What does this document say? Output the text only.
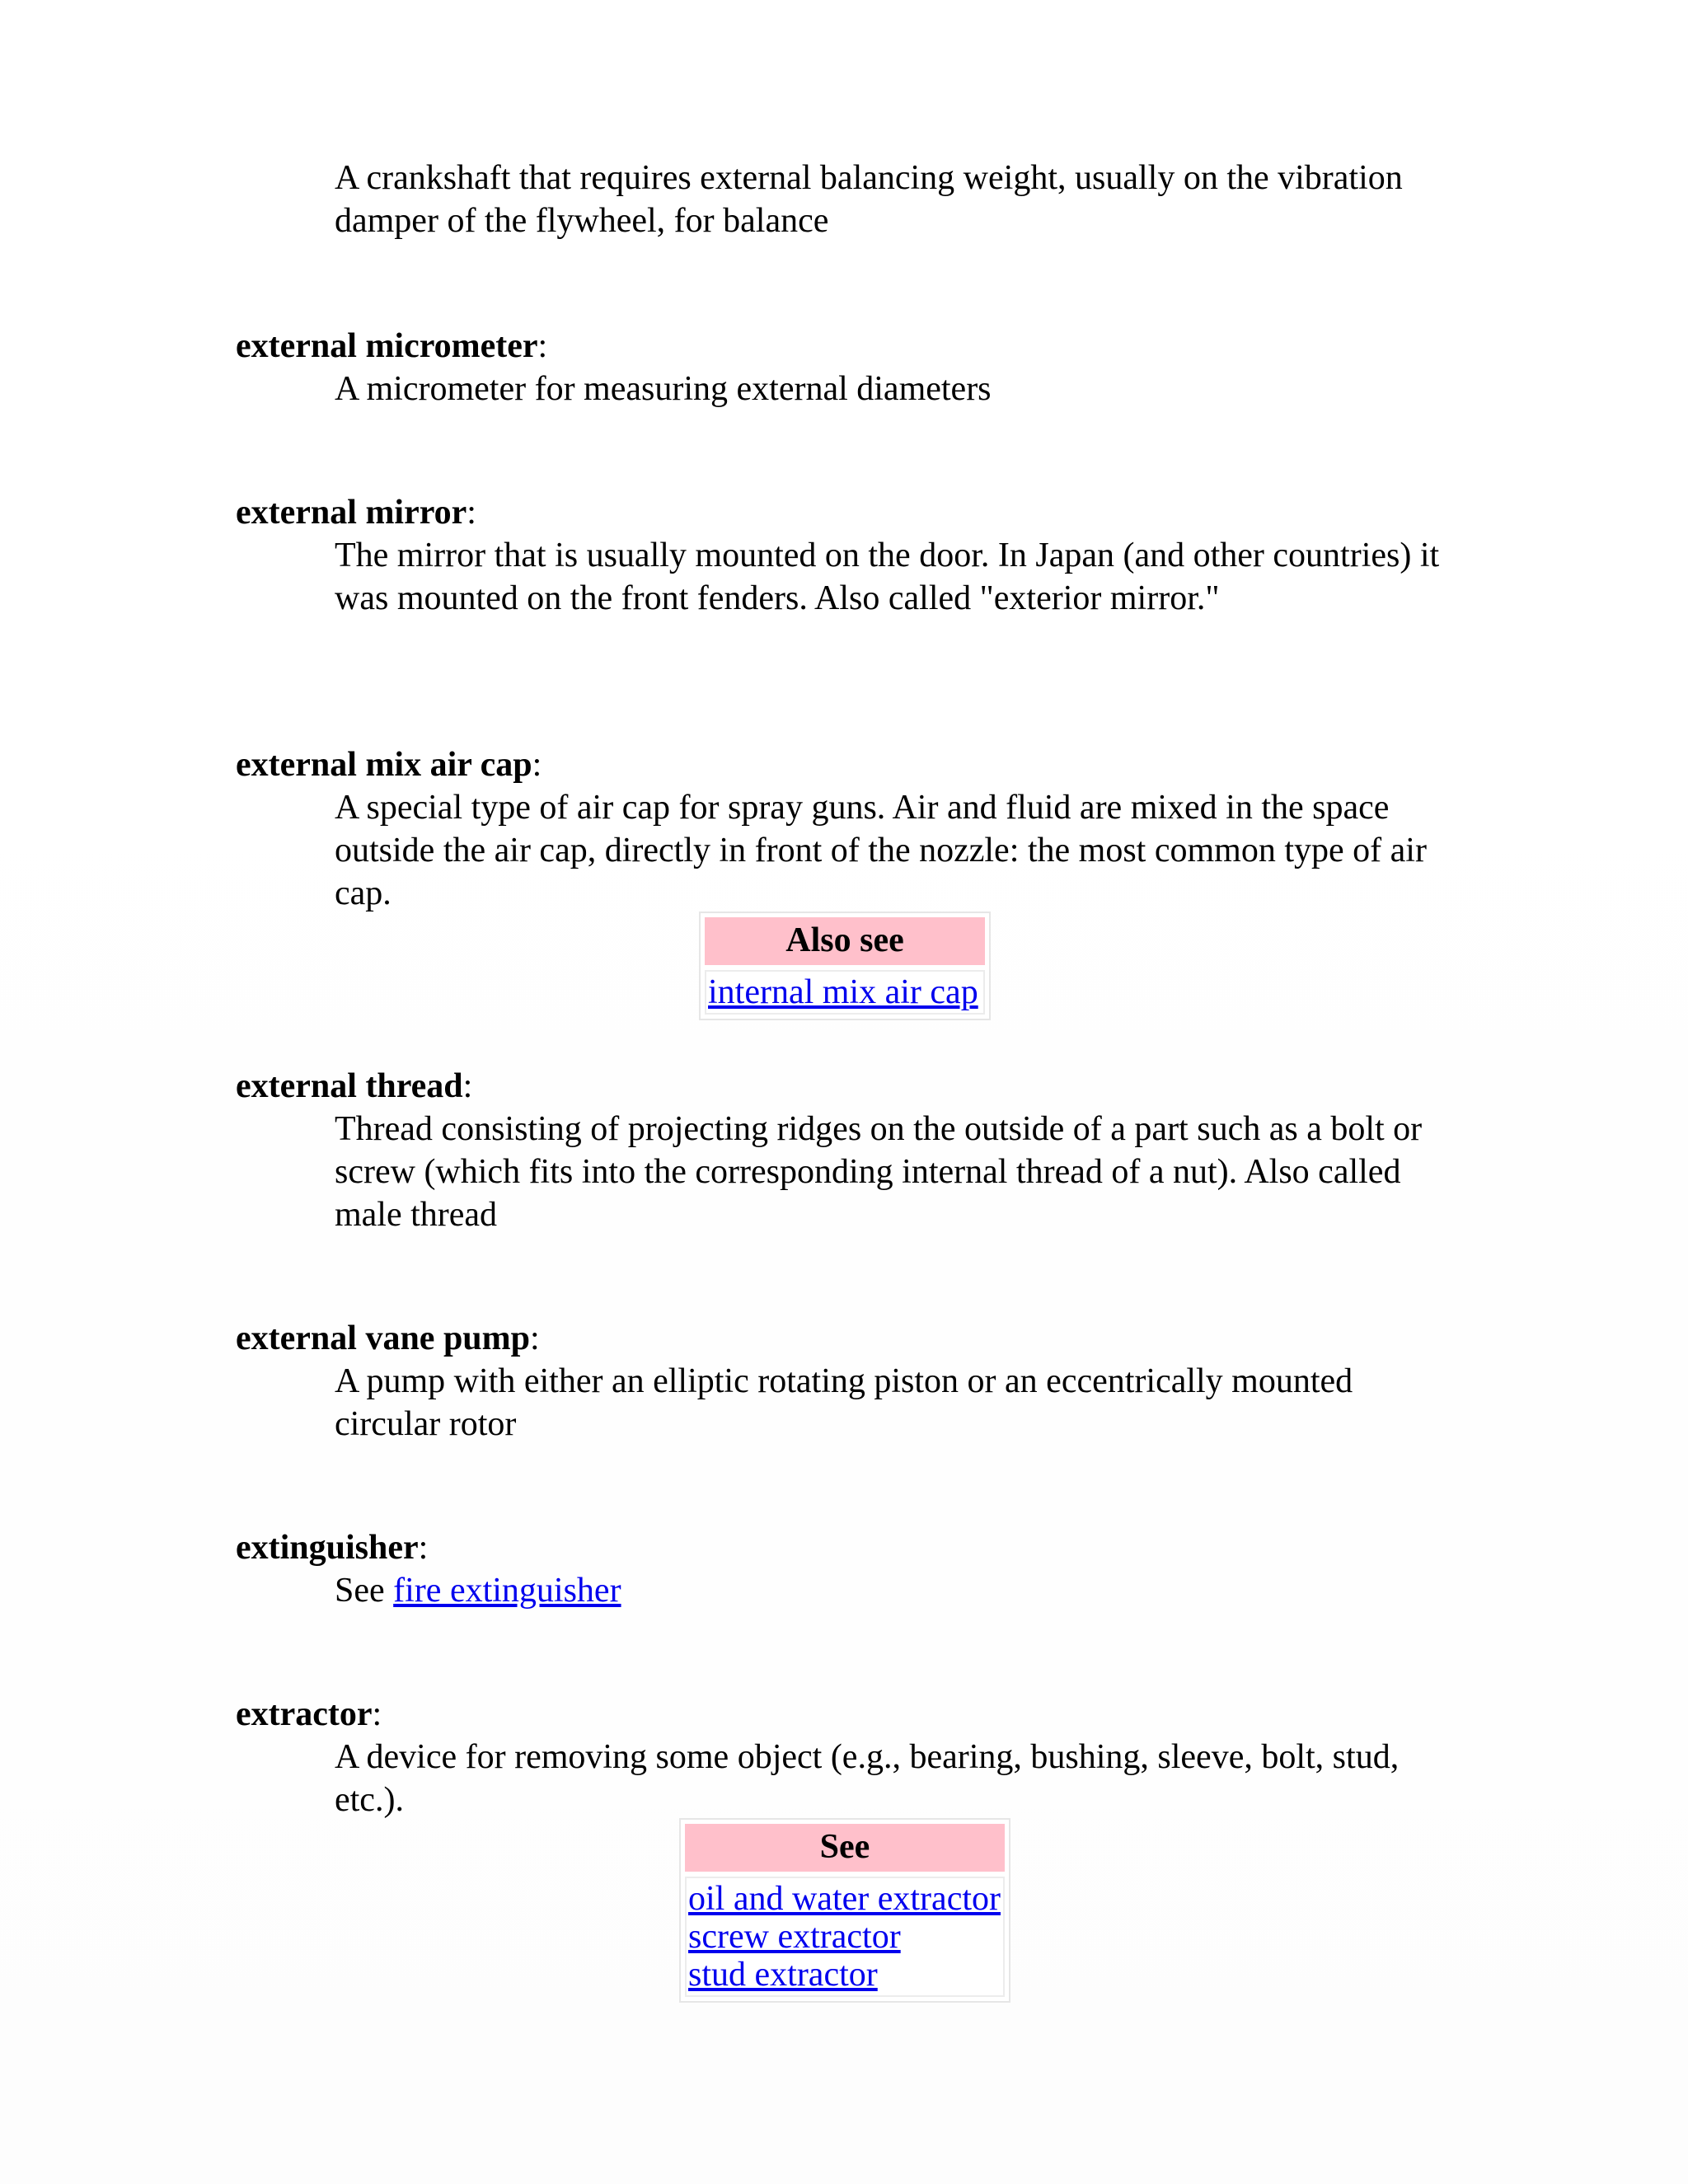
A crankshaft that requires external balancing weight, usually on the vibration damper of the flywheel, for balance

external micrometer:

A micrometer for measuring external diameters

external mirror:

The mirror that is usually mounted on the door. In Japan (and other countries) it was mounted on the front fenders. Also called "exterior mirror."

external mix air cap:

A special type of air cap for spray guns. Air and fluid are mixed in the space outside the air cap, directly in front of the nozzle: the most common type of air cap.

Also see
internal mix air cap

external thread:

Thread consisting of projecting ridges on the outside of a part such as a bolt or screw (which fits into the corresponding internal thread of a nut). Also called male thread

external vane pump:

A pump with either an elliptic rotating piston or an eccentrically mounted circular rotor

extinguisher:

See fire extinguisher

extractor:

A device for removing some object (e.g., bearing, bushing, sleeve, bolt, stud, etc.).

See
oil and water extractor
screw extractor
stud extractor
